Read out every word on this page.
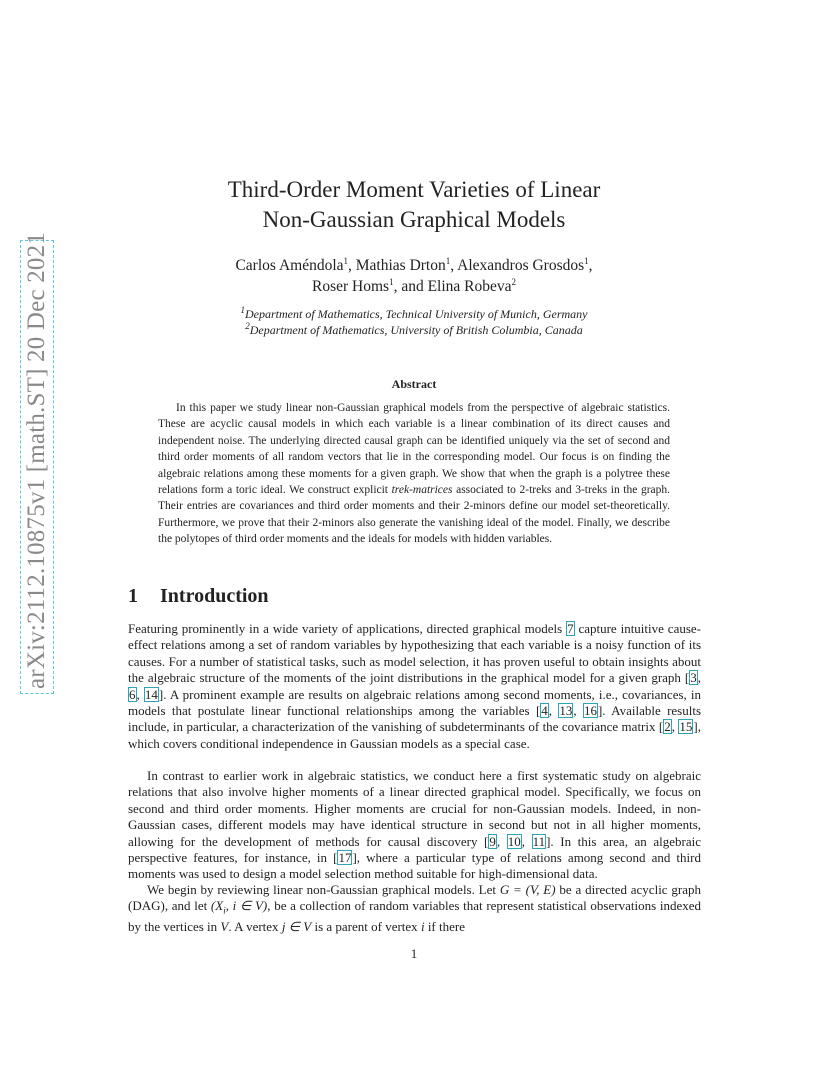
arXiv:2112.10875v1 [math.ST] 20 Dec 2021
Third-Order Moment Varieties of Linear
Non-Gaussian Graphical Models
Carlos Améndola$^1$, Mathias Drton$^1$, Alexandros Grosdos$^1$,
Roser Homs$^1$, and Elina Robeva$^2$
$^1$Department of Mathematics, Technical University of Munich, Germany
$^2$Department of Mathematics, University of British Columbia, Canada
Abstract

In this paper we study linear non-Gaussian graphical models from the perspective of algebraic statistics. These are acyclic causal models in which each variable is a linear combination of its direct causes and independent noise. The underlying directed causal graph can be identified uniquely via the set of second and third order moments of all random vectors that lie in the corresponding model. Our focus is on finding the algebraic relations among these moments for a given graph. We show that when the graph is a polytree these relations form a toric ideal. We construct explicit trek-matrices associated to 2-treks and 3-treks in the graph. Their entries are covariances and third order moments and their 2-minors define our model set-theoretically. Furthermore, we prove that their 2-minors also generate the vanishing ideal of the model. Finally, we describe the polytopes of third order moments and the ideals for models with hidden variables.

1 Introduction

Featuring prominently in a wide variety of applications, directed graphical models 7 capture intuitive cause-effect relations among a set of random variables by hypothesizing that each variable is a noisy function of its causes. For a number of statistical tasks, such as model selection, it has proven useful to obtain insights about the algebraic structure of the moments of the joint distributions in the graphical model for a given graph [3, 6, 14]. A prominent example are results on algebraic relations among second moments, i.e., covariances, in models that postulate linear functional relationships among the variables [4, 13, 16]. Available results include, in particular, a characterization of the vanishing of subdeterminants of the covariance matrix [2, 15], which covers conditional independence in Gaussian models as a special case.

In contrast to earlier work in algebraic statistics, we conduct here a first systematic study on algebraic relations that also involve higher moments of a linear directed graphical model. Specifically, we focus on second and third order moments. Higher moments are crucial for non-Gaussian models. Indeed, in non-Gaussian cases, different models may have identical structure in second but not in all higher moments, allowing for the development of methods for causal discovery [9, 10, 11]. In this area, an algebraic perspective features, for instance, in [17], where a particular type of relations among second and third moments was used to design a model selection method suitable for high-dimensional data.

We begin by reviewing linear non-Gaussian graphical models. Let G = (V, E) be a directed acyclic graph (DAG), and let ($X_i$, i ∈ V), be a collection of random variables that represent statistical observations indexed by the vertices in V. A vertex j ∈ V is a parent of vertex i if there

1
